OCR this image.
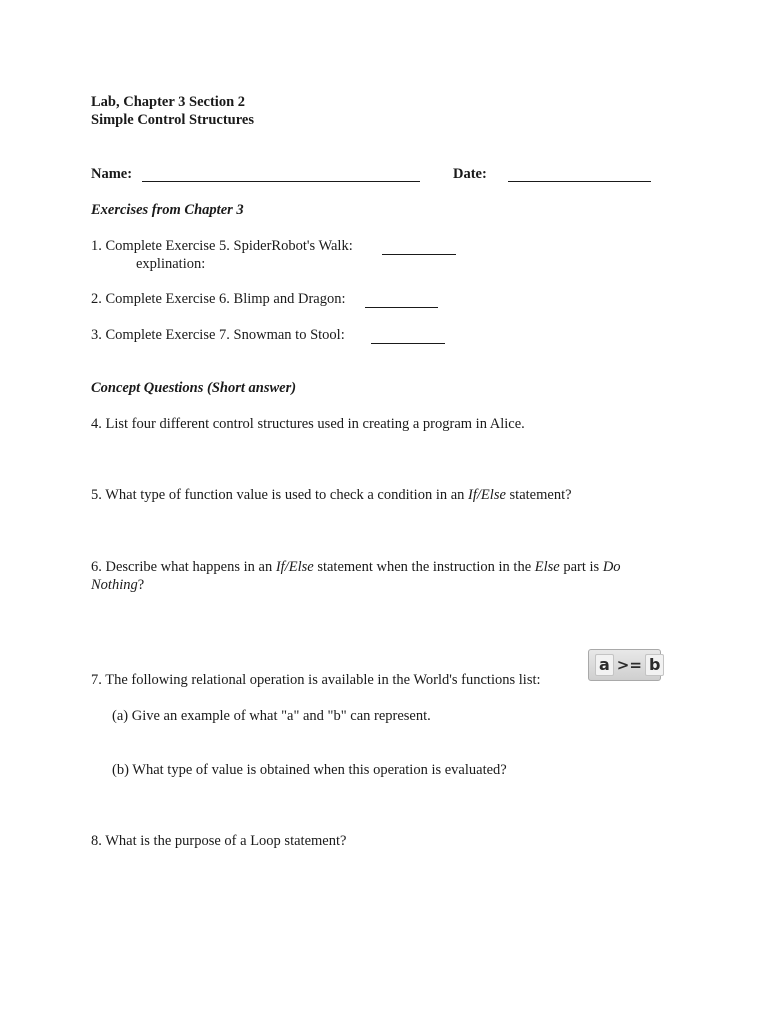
Lab, Chapter 3 Section 2
Simple Control Structures
Name:	Date:
Exercises from Chapter 3
1. Complete Exercise 5. SpiderRobot's Walk:
explination:
2. Complete Exercise 6. Blimp and Dragon:
3. Complete Exercise 7. Snowman to Stool:
Concept Questions (Short answer)
4. List four different control structures used in creating a program in Alice.
5. What type of function value is used to check a condition in an If/Else statement?
6. Describe what happens in an If/Else statement when the instruction in the Else part is Do
Nothing?
a >= b
7. The following relational operation is available in the World's functions list:
(a) Give an example of what "a" and "b" can represent.
(b) What type of value is obtained when this operation is evaluated?
8. What is the purpose of a Loop statement?
